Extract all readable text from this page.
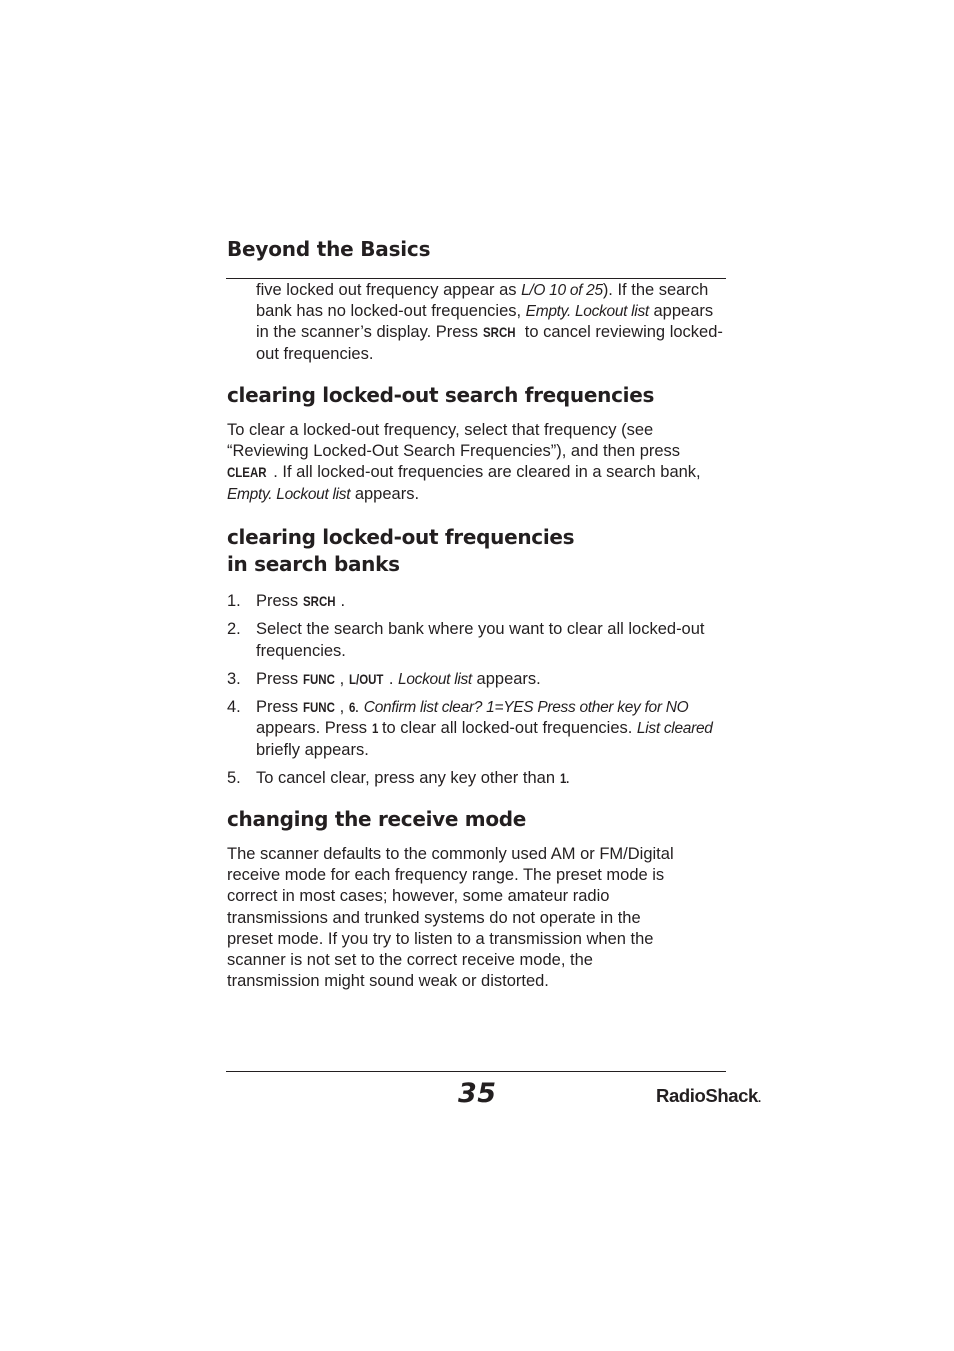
Beyond the Basics

five locked out frequency appear as L/O 10 of 25). If the search bank has no locked-out frequencies, Empty. Lockout list appears in the scanner’s display. Press SRCH to cancel reviewing locked-out frequencies.

clearing locked-out search frequencies

To clear a locked-out frequency, select that frequency (see “Reviewing Locked-Out Search Frequencies”), and then press CLEAR . If all locked-out frequencies are cleared in a search bank, Empty. Lockout list appears.

clearing locked-out frequencies
in search banks
1. Press SRCH .
2. Select the search bank where you want to clear all locked-out frequencies.
3. Press FUNC , L/OUT . Lockout list appears.
4. Press FUNC , 6. Confirm list clear? 1=YES Press other key for NO appears. Press 1 to clear all locked-out frequencies. List cleared briefly appears.
5. To cancel clear, press any key other than 1.
changing the receive mode

The scanner defaults to the commonly used AM or FM/Digital receive mode for each frequency range. The preset mode is correct in most cases; however, some amateur radio transmissions and trunked systems do not operate in the preset mode. If you try to listen to a transmission when the scanner is not set to the correct receive mode, the transmission might sound weak or distorted.

35	RadioShack.
